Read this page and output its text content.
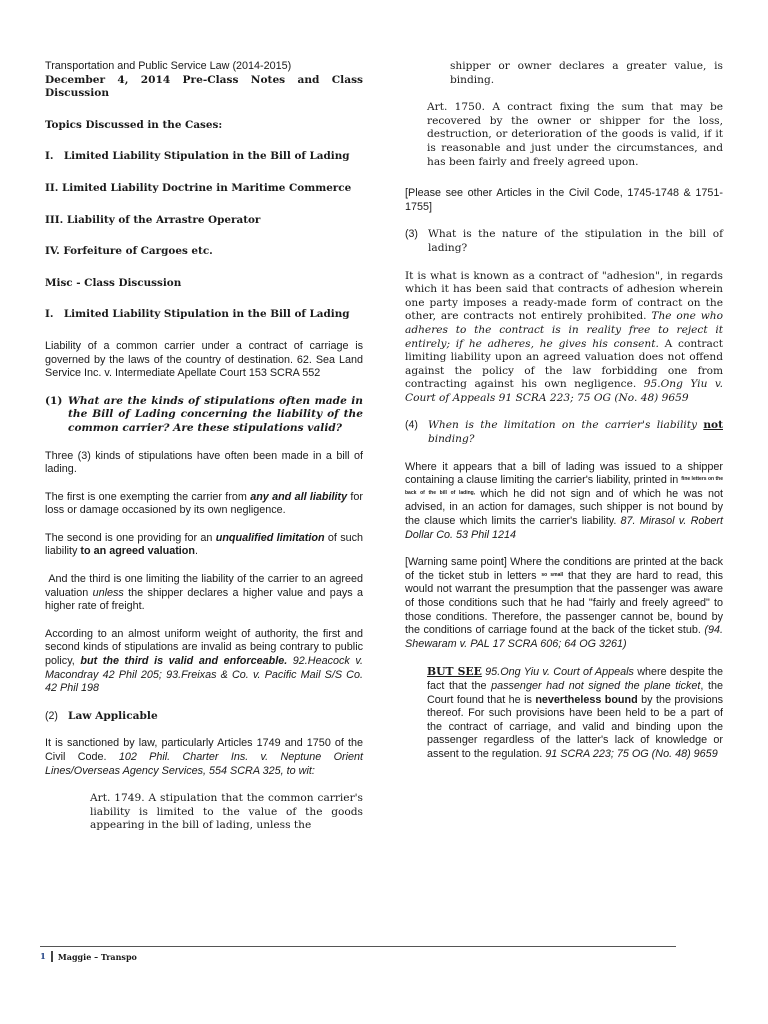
Transportation and Public Service Law (2014-2015)
December 4, 2014 Pre-Class Notes and Class Discussion
Topics Discussed in the Cases:
I. Limited Liability Stipulation in the Bill of Lading
II. Limited Liability Doctrine in Maritime Commerce
III. Liability of the Arrastre Operator
IV. Forfeiture of Cargoes etc.
Misc - Class Discussion
I. Limited Liability Stipulation in the Bill of Lading

Liability of a common carrier under a contract of carriage is governed by the laws of the country of destination. 62. Sea Land Service Inc. v. Intermediate Apellate Court 153 SCRA 552

(1) What are the kinds of stipulations often made in the Bill of Lading concerning the liability of the common carrier? Are these stipulations valid?

Three (3) kinds of stipulations have often been made in a bill of lading.

The first is one exempting the carrier from any and all liability for loss or damage occasioned by its own negligence.

The second is one providing for an unqualified limitation of such liability to an agreed valuation.

And the third is one limiting the liability of the carrier to an agreed valuation unless the shipper declares a higher value and pays a higher rate of freight.

According to an almost uniform weight of authority, the first and second kinds of stipulations are invalid as being contrary to public policy, but the third is valid and enforceable. 92.Heacock v. Macondray 42 Phil 205; 93.Freixas & Co. v. Pacific Mail S/S Co. 42 Phil 198

(2) Law Applicable

It is sanctioned by law, particularly Articles 1749 and 1750 of the Civil Code. 102 Phil. Charter Ins. v. Neptune Orient Lines/Overseas Agency Services, 554 SCRA 325, to wit:

Art. 1749. A stipulation that the common carrier's liability is limited to the value of the goods appearing in the bill of lading, unless the

shipper or owner declares a greater value, is binding.

Art. 1750. A contract fixing the sum that may be recovered by the owner or shipper for the loss, destruction, or deterioration of the goods is valid, if it is reasonable and just under the circumstances, and has been fairly and freely agreed upon.

[Please see other Articles in the Civil Code, 1745-1748 & 1751-1755]

(3) What is the nature of the stipulation in the bill of lading?

It is what is known as a contract of "adhesion", in regards which it has been said that contracts of adhesion wherein one party imposes a ready-made form of contract on the other, are contracts not entirely prohibited. The one who adheres to the contract is in reality free to reject it entirely; if he adheres, he gives his consent. A contract limiting liability upon an agreed valuation does not offend against the policy of the law forbidding one from contracting against his own negligence. 95.Ong Yiu v. Court of Appeals 91 SCRA 223; 75 OG (No. 48) 9659

(4) When is the limitation on the carrier's liability not binding?

Where it appears that a bill of lading was issued to a shipper containing a clause limiting the carrier's liability, printed in $^{fine letters on the back of the bill of lading,}$ which he did not sign and of which he was not advised, in an action for damages, such shipper is not bound by the clause which limits the carrier's liability. 87. Mirasol v. Robert Dollar Co. 53 Phil 1214

[Warning same point] Where the conditions are printed at the back of the ticket stub in letters $^{so small}$ that they are hard to read, this would not warrant the presumption that the passenger was aware of those conditions such that he had "fairly and freely agreed" to those conditions. Therefore, the passenger cannot be, bound by the conditions of carriage found at the back of the ticket stub. (94. Shewaram v. PAL 17 SCRA 606; 64 OG 3261)

BUT SEE 95.Ong Yiu v. Court of Appeals where despite the fact that the passenger had not signed the plane ticket, the Court found that he is nevertheless bound by the provisions thereof. For such provisions have been held to be a part of the contract of carriage, and valid and binding upon the passenger regardless of the latter's lack of knowledge or assent to the regulation. 91 SCRA 223; 75 OG (No. 48) 9659

1 Maggie – Transpo
